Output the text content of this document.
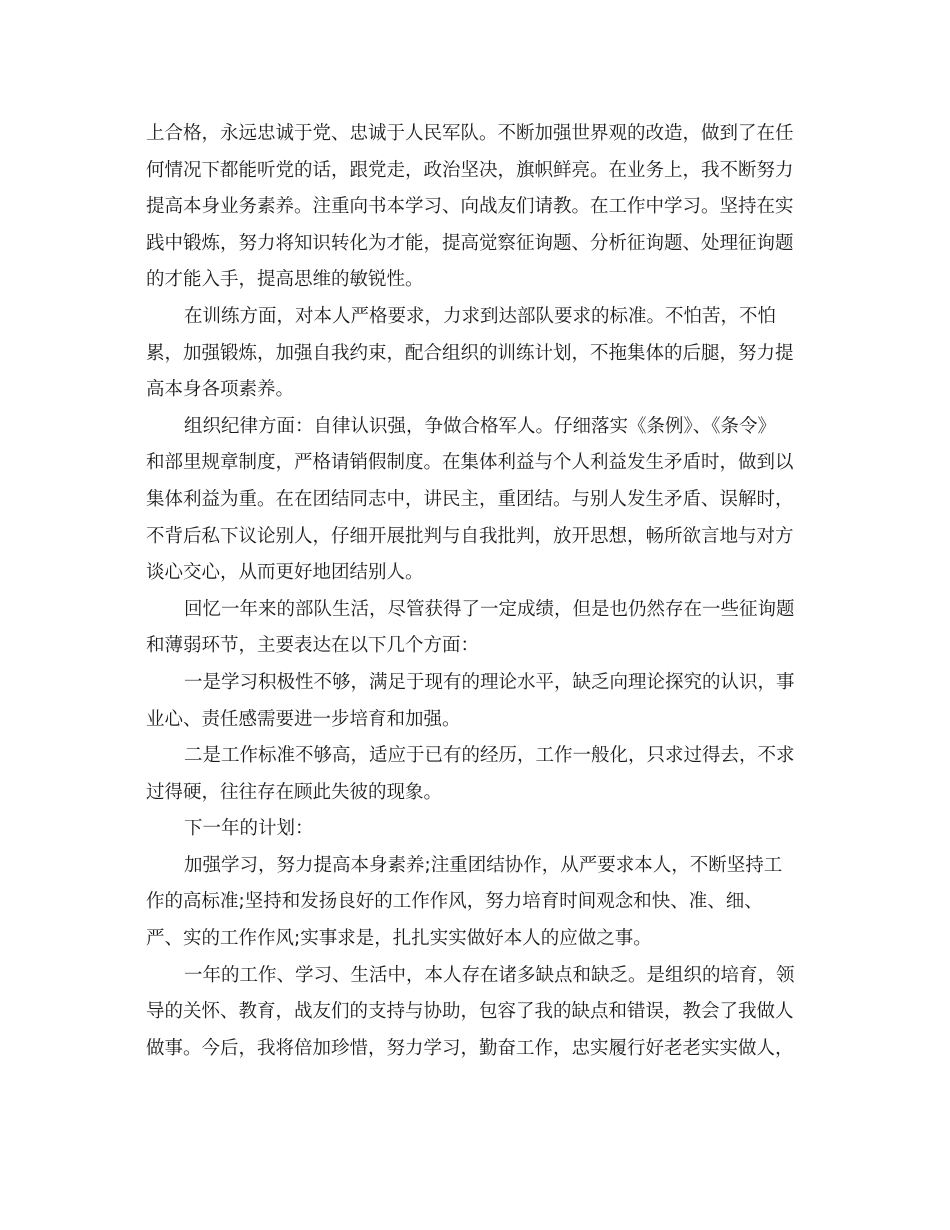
上合格，永远忠诚于党、忠诚于人民军队。不断加强世界观的改造，做到了在任
何情况下都能听党的话，跟党走，政治坚决，旗帜鲜亮。在业务上，我不断努力
提高本身业务素养。注重向书本学习、向战友们请教。在工作中学习。坚持在实
践中锻炼，努力将知识转化为才能，提高觉察征询题、分析征询题、处理征询题
的才能入手，提高思维的敏锐性。
在训练方面，对本人严格要求，力求到达部队要求的标准。不怕苦，不怕
累，加强锻炼，加强自我约束，配合组织的训练计划，不拖集体的后腿，努力提
高本身各项素养。
组织纪律方面：自律认识强，争做合格军人。仔细落实《条例》、《条令》
和部里规章制度，严格请销假制度。在集体利益与个人利益发生矛盾时，做到以
集体利益为重。在在团结同志中，讲民主，重团结。与别人发生矛盾、误解时，
不背后私下议论别人，仔细开展批判与自我批判，放开思想，畅所欲言地与对方
谈心交心，从而更好地团结别人。
回忆一年来的部队生活，尽管获得了一定成绩，但是也仍然存在一些征询题
和薄弱环节，主要表达在以下几个方面：
一是学习积极性不够，满足于现有的理论水平，缺乏向理论探究的认识，事
业心、责任感需要进一步培育和加强。
二是工作标准不够高，适应于已有的经历，工作一般化，只求过得去，不求
过得硬，往往存在顾此失彼的现象。
下一年的计划：
加强学习，努力提高本身素养;注重团结协作，从严要求本人，不断坚持工
作的高标准;坚持和发扬良好的工作作风，努力培育时间观念和快、准、细、
严、实的工作作风;实事求是，扎扎实实做好本人的应做之事。
一年的工作、学习、生活中，本人存在诸多缺点和缺乏。是组织的培育，领
导的关怀、教育，战友们的支持与协助，包容了我的缺点和错误，教会了我做人
做事。今后，我将倍加珍惜，努力学习，勤奋工作，忠实履行好老老实实做人，
